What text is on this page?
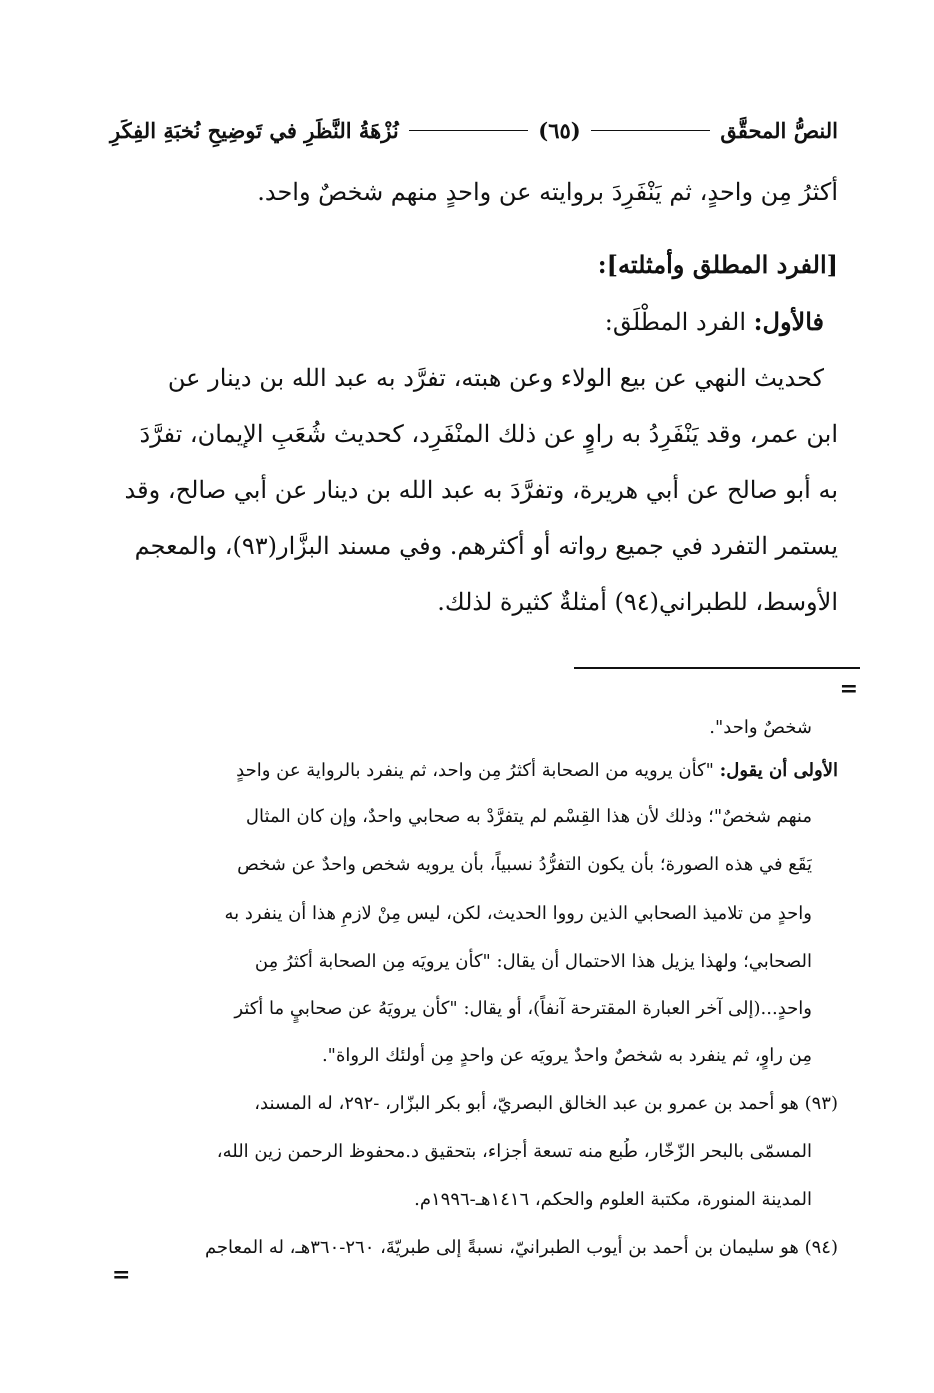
النصُّ المحقَّق
(٦٥)
نُزْهَةُ النَّظَرِ في تَوضِيحِ نُخبَةِ الفِكَرِ
أكثرُ مِن واحدٍ، ثم يَنْفَرِدَ بروايته عن واحدٍ منهم شخصٌ واحد.
[الفرد المطلق وأمثلته]:
فالأول: الفرد المطْلَق:
كحديث النهي عن بيع الولاء وعن هبته، تفرَّد به عبد الله بن دينار عن
ابن عمر، وقد يَنْفَرِدُ به راوٍ عن ذلك المنْفَرِد، كحديث شُعَبِ الإيمان، تفرَّدَ
به أبو صالح عن أبي هريرة، وتفرَّدَ به عبد الله بن دينار عن أبي صالح، وقد
يستمر التفرد في جميع رواته أو أكثرهم. وفي مسند البزَّار(٩٣)، والمعجم
الأوسط، للطبراني(٩٤) أمثلةٌ كثيرة لذلك.
=
شخصٌ واحد".
الأولى أن يقول: "كأن يرويه من الصحابة أكثرُ مِن واحد، ثم ينفرد بالرواية عن واحدٍ
منهم شخصٌ"؛ وذلك لأن هذا القِسْم لم يتفرَّدْ به صحابي واحدٌ، وإن كان المثال
يَقَع في هذه الصورة؛ بأن يكون التفرُّدُ نسبياً، بأن يرويه شخص واحدٌ عن شخص
واحدٍ من تلاميذ الصحابي الذين رووا الحديث، لكن، ليس مِنْ لازمِ هذا أن ينفرد به
الصحابي؛ ولهذا يزيل هذا الاحتمال أن يقال: "كأن يرويَه مِن الصحابة أكثرُ مِن
واحدٍ...(إلى آخر العبارة المقترحة آنفاً)، أو يقال: "كأن يرويَهُ عن صحابيٍ ما أكثر
مِن راوٍ، ثم ينفرد به شخصٌ واحدٌ يرويَه عن واحدٍ مِن أولئك الرواة".
(٩٣) هو أحمد بن عمرو بن عبد الخالق البصريّ، أبو بكر البزّار، -٢٩٢، له المسند،
المسمّى بالبحر الزّخّار، طُبع منه تسعة أجزاء، بتحقيق د.محفوظ الرحمن زين الله،
المدينة المنورة، مكتبة العلوم والحكم، ١٤١٦هـ-١٩٩٦م.
(٩٤) هو سليمان بن أحمد بن أيوب الطبرانيّ، نسبةً إلى طبريّةَ، ٢٦٠-٣٦٠هـ، له المعاجم
=
